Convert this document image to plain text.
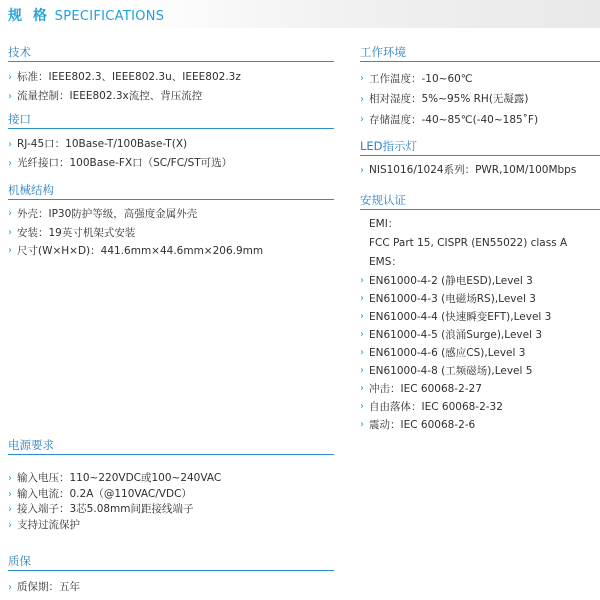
规 格 SPECIFICATIONS
技术
› 标准：IEEE802.3、IEEE802.3u、IEEE802.3z
› 流量控制：IEEE802.3x流控、背压流控
接口
› RJ-45口：10Base-T/100Base-T(X)
› 光纤接口：100Base-FX口（SC/FC/ST可选）
机械结构
› 外壳：IP30防护等级，高强度金属外壳
› 安装：19英寸机架式安装
› 尺寸(W×H×D)：441.6mm×44.6mm×206.9mm
电源要求
› 输入电压：110~220VDC或100~240VAC
› 输入电流：0.2A（@110VAC/VDC）
› 接入端子：3芯5.08mm间距接线端子
› 支持过流保护
质保
› 质保期：五年
工作环境
› 工作温度：-10~60℃
› 相对湿度：5%~95% RH(无凝露)
› 存储温度：-40~85℃(-40~185˚F)
LED指示灯
› NIS1016/1024系列：PWR,10M/100Mbps
安规认证
EMI：
FCC Part 15, CISPR (EN55022) class A
EMS：
› EN61000-4-2 (静电ESD),Level 3
› EN61000-4-3 (电磁场RS),Level 3
› EN61000-4-4 (快速瞬变EFT),Level 3
› EN61000-4-5 (浪涌Surge),Level 3
› EN61000-4-6 (感应CS),Level 3
› EN61000-4-8 (工频磁场),Level 5
› 冲击：IEC 60068-2-27
› 自由落体：IEC 60068-2-32
› 震动：IEC 60068-2-6
